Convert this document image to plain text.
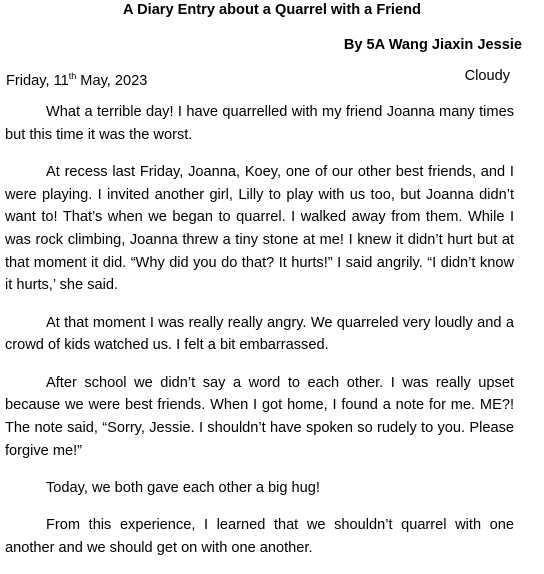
A Diary Entry about a Quarrel with a Friend
By 5A Wang Jiaxin Jessie
Friday, 11th May, 2023	Cloudy

What a terrible day! I have quarrelled with my friend Joanna many times but this time it was the worst.

At recess last Friday, Joanna, Koey, one of our other best friends, and I were playing. I invited another girl, Lilly to play with us too, but Joanna didn’t want to! That’s when we began to quarrel. I walked away from them. While I was rock climbing, Joanna threw a tiny stone at me! I knew it didn’t hurt but at that moment it did. “Why did you do that? It hurts!” I said angrily. “I didn’t know it hurts,’ she said.

At that moment I was really really angry. We quarreled very loudly and a crowd of kids watched us. I felt a bit embarrassed.

After school we didn’t say a word to each other. I was really upset because we were best friends. When I got home, I found a note for me. ME?! The note said, “Sorry, Jessie. I shouldn’t have spoken so rudely to you. Please forgive me!”

Today, we both gave each other a big hug!

From this experience, I learned that we shouldn’t quarrel with one another and we should get on with one another.
